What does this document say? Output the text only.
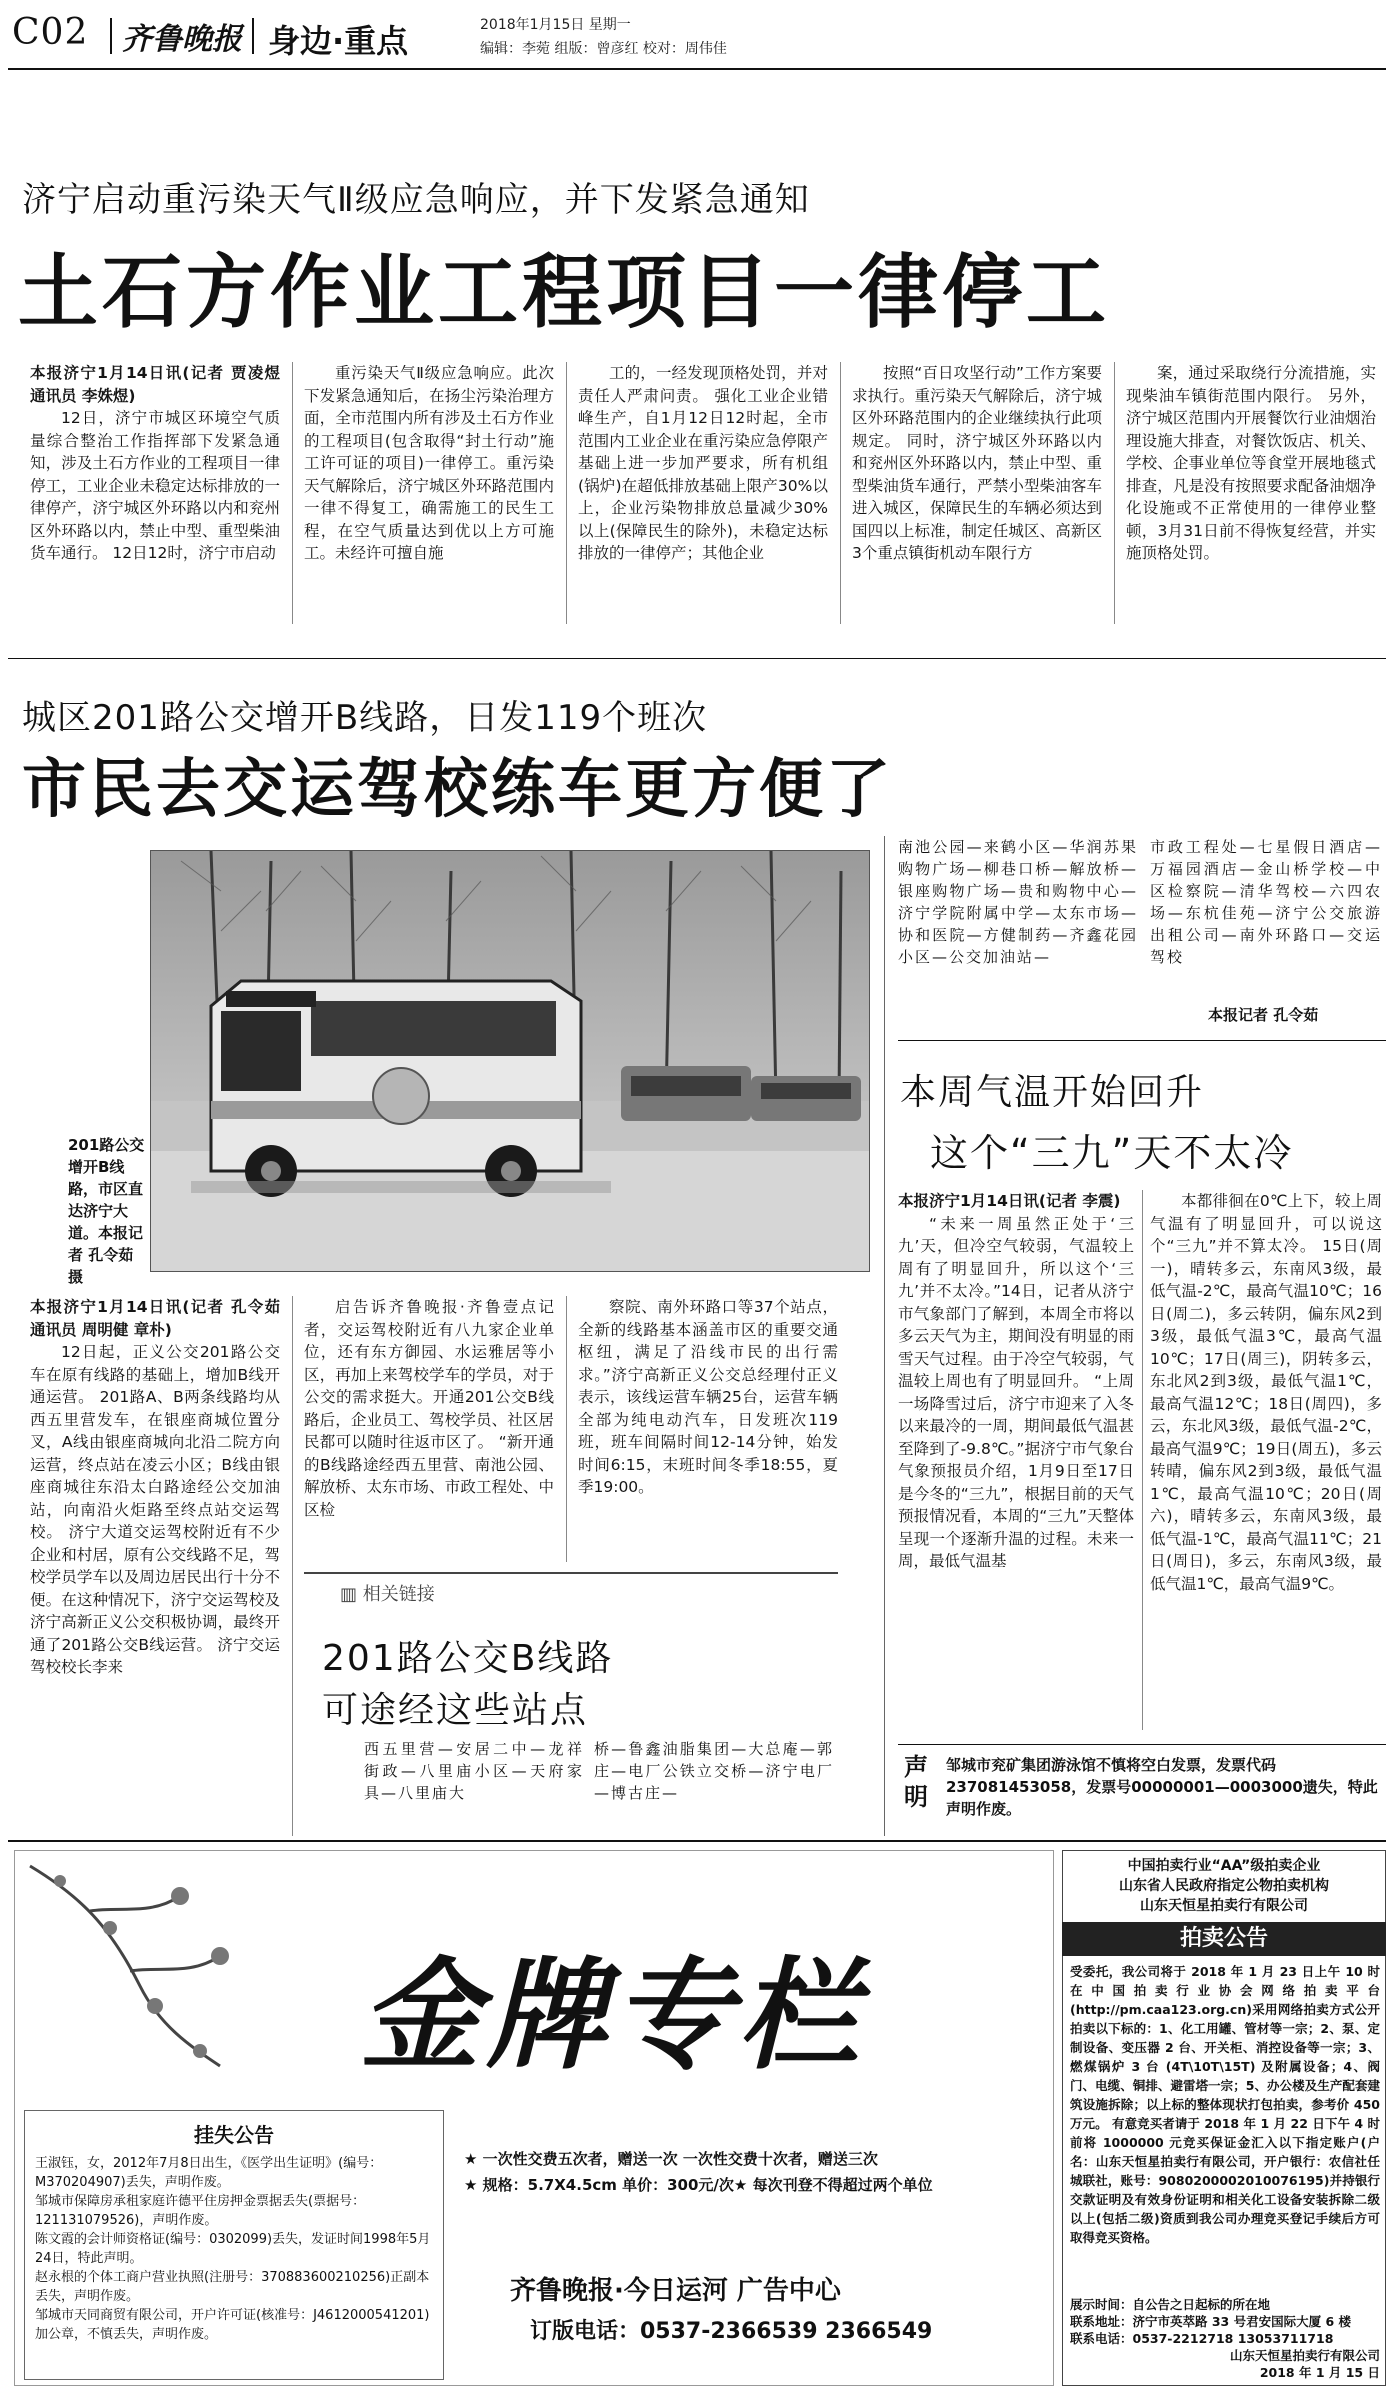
C02 齐鲁晚报 身边·重点	2018年1月15日 星期一
编辑：李菀 组版：曾彦红 校对：周伟佳
济宁启动重污染天气Ⅱ级应急响应，并下发紧急通知
土石方作业工程项目一律停工
本报济宁1月14日讯(记者 贾凌煜 通讯员 李姝煜)

12日，济宁市城区环境空气质量综合整治工作指挥部下发紧急通知，涉及土石方作业的工程项目一律停工，工业企业未稳定达标排放的一律停产，济宁城区外环路以内和兖州区外环路以内，禁止中型、重型柴油货车通行。 12日12时，济宁市启动

重污染天气Ⅱ级应急响应。此次下发紧急通知后，在扬尘污染治理方面，全市范围内所有涉及土石方作业的工程项目(包含取得“封土行动”施工许可证的项目)一律停工。重污染天气解除后，济宁城区外环路范围内一律不得复工，确需施工的民生工程，在空气质量达到优以上方可施工。未经许可擅自施

工的，一经发现顶格处罚，并对责任人严肃问责。 强化工业企业错峰生产，自1月12日12时起，全市范围内工业企业在重污染应急停限产基础上进一步加严要求，所有机组(锅炉)在超低排放基础上限产30%以上，企业污染物排放总量减少30%以上(保障民生的除外)，未稳定达标排放的一律停产；其他企业

按照“百日攻坚行动”工作方案要求执行。重污染天气解除后，济宁城区外环路范围内的企业继续执行此项规定。 同时，济宁城区外环路以内和兖州区外环路以内，禁止中型、重型柴油货车通行，严禁小型柴油客车进入城区，保障民生的车辆必须达到国四以上标准，制定任城区、高新区3个重点镇街机动车限行方

案，通过采取绕行分流措施，实现柴油车镇街范围内限行。 另外，济宁城区范围内开展餐饮行业油烟治理设施大排查，对餐饮饭店、机关、学校、企事业单位等食堂开展地毯式排查，凡是没有按照要求配备油烟净化设施或不正常使用的一律停业整顿，3月31日前不得恢复经营，并实施顶格处罚。

城区201路公交增开B线路，日发119个班次
市民去交运驾校练车更方便了
201路公交增开B线路，市区直达济宁大道。本报记者 孔令茹 摄
南池公园—来鹤小区—华润苏果购物广场—柳巷口桥—解放桥—银座购物广场—贵和购物中心—济宁学院附属中学—太东市场—协和医院—方健制药—齐鑫花园小区—公交加油站—
市政工程处—七星假日酒店—万福园酒店—金山桥学校—中区检察院—清华驾校—六四农场—东杭佳苑—济宁公交旅游出租公司—南外环路口—交运驾校
本报记者 孔令茹
本报济宁1月14日讯(记者 孔令茹 通讯员 周明健 章朴)

12日起，正义公交201路公交车在原有线路的基础上，增加B线开通运营。 201路A、B两条线路均从西五里营发车，在银座商城位置分叉，A线由银座商城向北沿二院方向运营，终点站在凌云小区；B线由银座商城往东沿太白路途经公交加油站，向南沿火炬路至终点站交运驾校。 济宁大道交运驾校附近有不少企业和村居，原有公交线路不足，驾校学员学车以及周边居民出行十分不便。在这种情况下，济宁交运驾校及济宁高新正义公交积极协调，最终开通了201路公交B线运营。 济宁交运驾校校长李来

启告诉齐鲁晚报·齐鲁壹点记者，交运驾校附近有八九家企业单位，还有东方御园、水运雅居等小区，再加上来驾校学车的学员，对于公交的需求挺大。开通201公交B线路后，企业员工、驾校学员、社区居民都可以随时往返市区了。 “新开通的B线路途经西五里营、南池公园、解放桥、太东市场、市政工程处、中区检

察院、南外环路口等37个站点，全新的线路基本涵盖市区的重要交通枢纽，满足了沿线市民的出行需求。”济宁高新正义公交总经理付正义表示，该线运营车辆25台，运营车辆全部为纯电动汽车，日发班次119班，班车间隔时间12-14分钟，始发时间6:15，末班时间冬季18:55，夏季19:00。

▥ 相关链接
201路公交B线路
可途经这些站点
西五里营—安居二中—龙祥街政—八里庙小区—天府家具—八里庙大
桥—鲁鑫油脂集团—大总庵—郭庄—电厂公铁立交桥—济宁电厂—博古庄—
本周气温开始回升
这个“三九”天不太冷
本报济宁1月14日讯(记者 李震)

“未来一周虽然正处于‘三九’天，但冷空气较弱，气温较上周有了明显回升，所以这个‘三九’并不太冷。”14日，记者从济宁市气象部门了解到，本周全市将以多云天气为主，期间没有明显的雨雪天气过程。由于冷空气较弱，气温较上周也有了明显回升。 “上周一场降雪过后，济宁市迎来了入冬以来最冷的一周，期间最低气温甚至降到了-9.8℃。”据济宁市气象台气象预报员介绍，1月9日至17日是今冬的“三九”，根据目前的天气预报情况看，本周的“三九”天整体呈现一个逐渐升温的过程。未来一周，最低气温基

本都徘徊在0℃上下，较上周气温有了明显回升，可以说这个“三九”并不算太冷。 15日(周一)，晴转多云，东南风3级，最低气温-2℃，最高气温10℃；16日(周二)，多云转阴，偏东风2到3级，最低气温3℃，最高气温10℃；17日(周三)，阴转多云，东北风2到3级，最低气温1℃，最高气温12℃；18日(周四)，多云，东北风3级，最低气温-2℃，最高气温9℃；19日(周五)，多云转晴，偏东风2到3级，最低气温1℃，最高气温10℃；20日(周六)，晴转多云，东南风3级，最低气温-1℃，最高气温11℃；21日(周日)，多云，东南风3级，最低气温1℃，最高气温9℃。

声明
邹城市兖矿集团游泳馆不慎将空白发票，发票代码237081453058，发票号00000001—0003000遗失，特此声明作废。
金牌专栏
挂失公告
王淑钰，女，2012年7月8日出生，《医学出生证明》(编号：M370204907)丢失，声明作废。
邹城市保障房承租家庭许德平住房押金票据丢失(票据号：121131079526)，声明作废。
陈文霞的会计师资格证(编号：0302099)丢失，发证时间1998年5月24日，特此声明。
赵永根的个体工商户营业执照(注册号：370883600210256)正副本丢失，声明作废。
邹城市天同商贸有限公司，开户许可证(核准号：J4612000541201)加公章，不慎丢失，声明作废。
★ 一次性交费五次者，赠送一次 一次性交费十次者，赠送三次
★ 规格：5.7X4.5cm 单价：300元/次★ 每次刊登不得超过两个单位
齐鲁晚报·今日运河 广告中心
订版电话：0537-2366539 2366549
中国拍卖行业“AA”级拍卖企业
山东省人民政府指定公物拍卖机构
山东天恒星拍卖行有限公司
拍卖公告
受委托，我公司将于 2018 年 1 月 23 日上午 10 时在中国拍卖行业协会网络拍卖平台(http://pm.caa123.org.cn)采用网络拍卖方式公开拍卖以下标的：1、化工用罐、管材等一宗；2、泵、定制设备、变压器 2 台、开关柜、消控设备等一宗；3、燃煤锅炉 3 台 (4T\10T\15T) 及附属设备；4、阀门、电缆、铜排、避雷塔一宗；5、办公楼及生产配套建筑设施拆除；以上标的整体现状打包拍卖，参考价 450 万元。 有意竞买者请于 2018 年 1 月 22 日下午 4 时前将 1000000 元竞买保证金汇入以下指定账户(户名：山东天恒星拍卖行有限公司，开户银行：农信社任城联社，账号：9080200002010076195)并持银行交款证明及有效身份证明和相关化工设备安装拆除二级以上(包括二级)资质到我公司办理竞买登记手续后方可取得竞买资格。
展示时间：自公告之日起标的所在地
联系地址：济宁市英萃路 33 号君安国际大厦 6 楼
联系电话：0537-2212718 13053711718
山东天恒星拍卖行有限公司
2018 年 1 月 15 日
